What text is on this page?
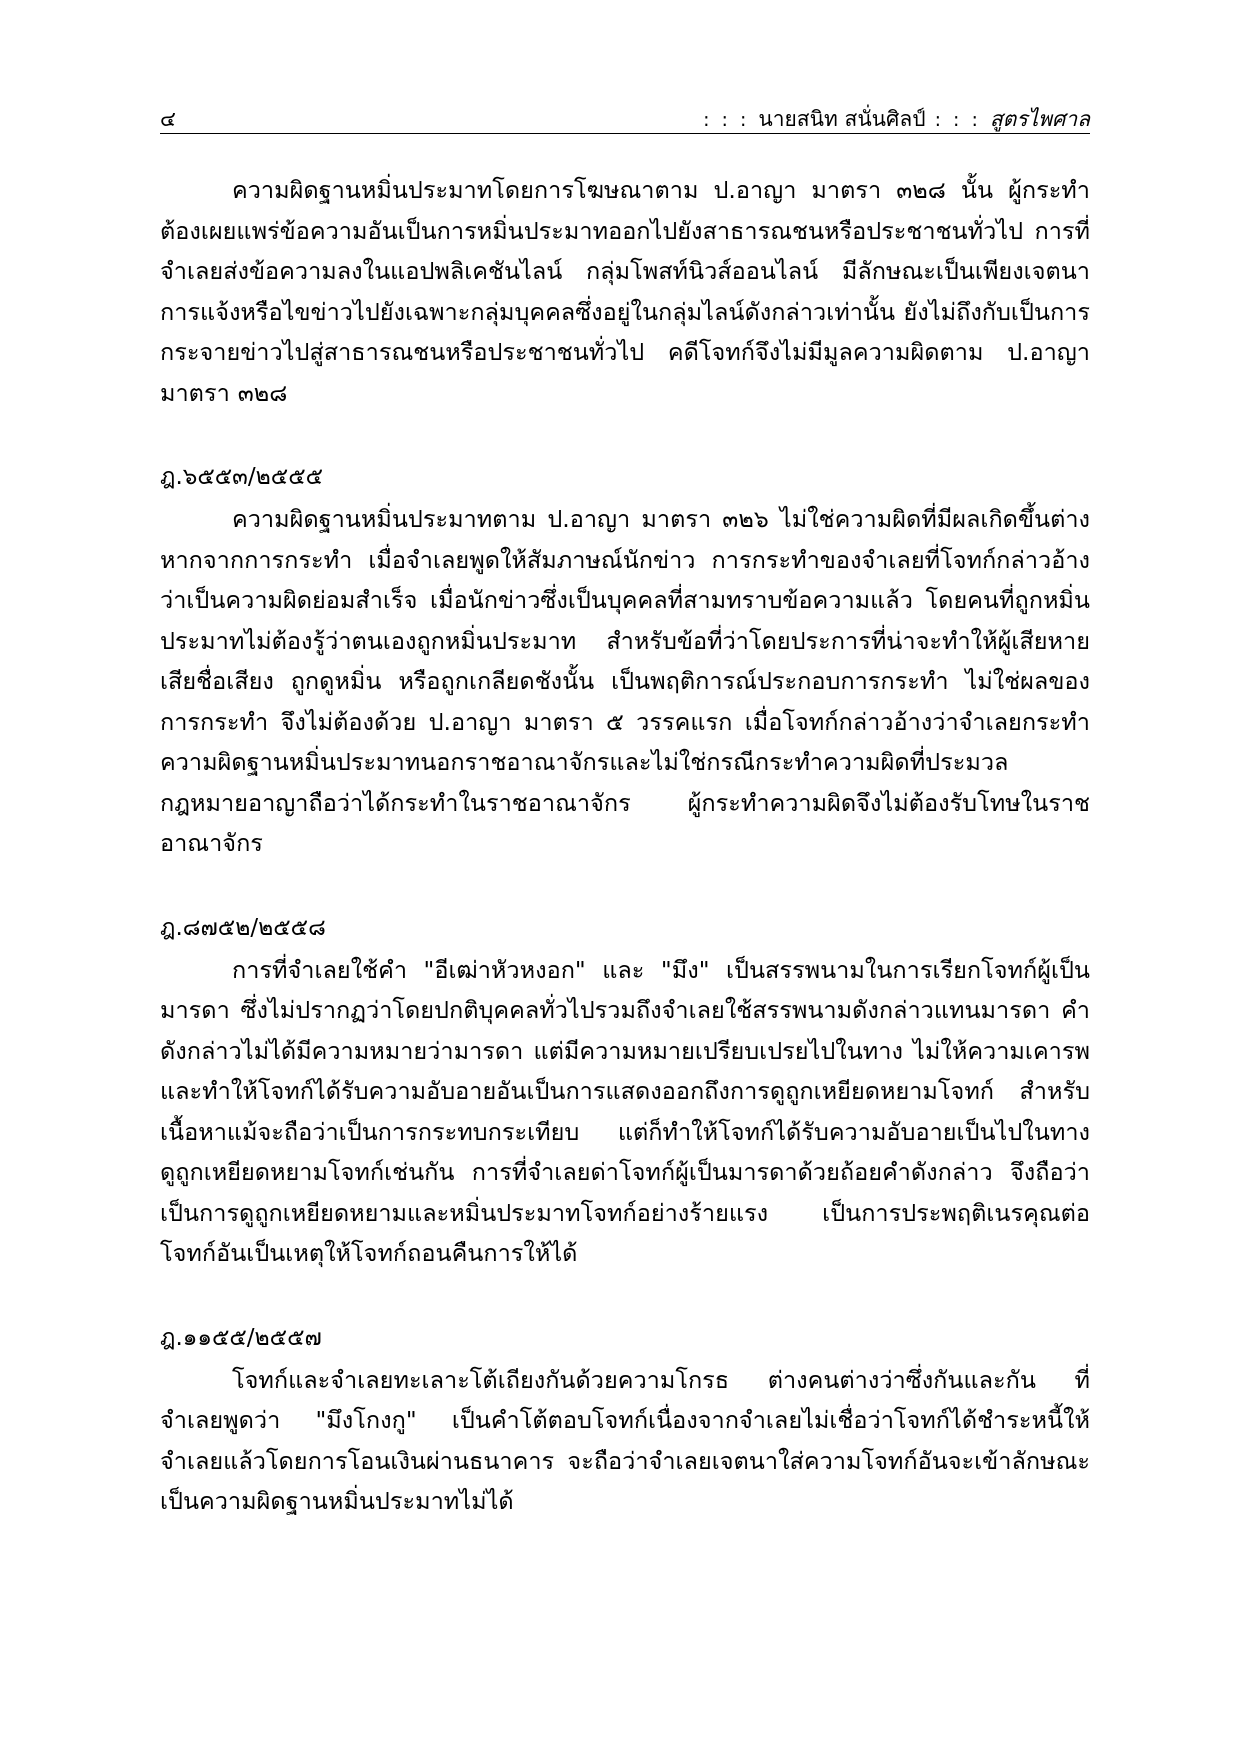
๔	: : : นายสนิท สนั่นศิลป์ : : : สูตรไพศาล

ความผิดฐานหมิ่นประมาทโดยการโฆษณาตาม ป.อาญา มาตรา ๓๒๘ นั้น ผู้กระทำต้องเผยแพร่ข้อความอันเป็นการหมิ่นประมาทออกไปยังสาธารณชนหรือประชาชนทั่วไป การที่จำเลยส่งข้อความลงในแอปพลิเคชันไลน์ กลุ่มโพสท์นิวส์ออนไลน์ มีลักษณะเป็นเพียงเจตนาการแจ้งหรือไขข่าวไปยังเฉพาะกลุ่มบุคคลซึ่งอยู่ในกลุ่มไลน์ดังกล่าวเท่านั้น ยังไม่ถึงกับเป็นการกระจายข่าวไปสู่สาธารณชนหรือประชาชนทั่วไป คดีโจทก์จึงไม่มีมูลความผิดตาม ป.อาญา มาตรา ๓๒๘

ฎ.๖๕๕๓/๒๕๕๕

ความผิดฐานหมิ่นประมาทตาม ป.อาญา มาตรา ๓๒๖ ไม่ใช่ความผิดที่มีผลเกิดขึ้นต่างหากจากการกระทำ เมื่อจำเลยพูดให้สัมภาษณ์นักข่าว การกระทำของจำเลยที่โจทก์กล่าวอ้างว่าเป็นความผิดย่อมสำเร็จ เมื่อนักข่าวซึ่งเป็นบุคคลที่สามทราบข้อความแล้ว โดยคนที่ถูกหมิ่นประมาทไม่ต้องรู้ว่าตนเองถูกหมิ่นประมาท สำหรับข้อที่ว่าโดยประการที่น่าจะทำให้ผู้เสียหายเสียชื่อเสียง ถูกดูหมิ่น หรือถูกเกลียดชังนั้น เป็นพฤติการณ์ประกอบการกระทำ ไม่ใช่ผลของการกระทำ จึงไม่ต้องด้วย ป.อาญา มาตรา ๕ วรรคแรก เมื่อโจทก์กล่าวอ้างว่าจำเลยกระทำความผิดฐานหมิ่นประมาทนอกราชอาณาจักรและไม่ใช่กรณีกระทำความผิดที่ประมวลกฎหมายอาญาถือว่าได้กระทำในราชอาณาจักร ผู้กระทำความผิดจึงไม่ต้องรับโทษในราชอาณาจักร

ฎ.๘๗๕๒/๒๕๕๘

การที่จำเลยใช้คำ "อีเฒ่าหัวหงอก" และ "มึง" เป็นสรรพนามในการเรียกโจทก์ผู้เป็นมารดา ซึ่งไม่ปรากฏว่าโดยปกติบุคคลทั่วไปรวมถึงจำเลยใช้สรรพนามดังกล่าวแทนมารดา คำดังกล่าวไม่ได้มีความหมายว่ามารดา แต่มีความหมายเปรียบเปรยไปในทาง ไม่ให้ความเคารพและทำให้โจทก์ได้รับความอับอายอันเป็นการแสดงออกถึงการดูถูกเหยียดหยามโจทก์ สำหรับเนื้อหาแม้จะถือว่าเป็นการกระทบกระเทียบ แต่ก็ทำให้โจทก์ได้รับความอับอายเป็นไปในทางดูถูกเหยียดหยามโจทก์เช่นกัน การที่จำเลยด่าโจทก์ผู้เป็นมารดาด้วยถ้อยคำดังกล่าว จึงถือว่าเป็นการดูถูกเหยียดหยามและหมิ่นประมาทโจทก์อย่างร้ายแรง เป็นการประพฤติเนรคุณต่อโจทก์อันเป็นเหตุให้โจทก์ถอนคืนการให้ได้

ฎ.๑๑๕๕/๒๕๕๗

โจทก์และจำเลยทะเลาะโต้เถียงกันด้วยความโกรธ ต่างคนต่างว่าซึ่งกันและกัน ที่จำเลยพูดว่า "มึงโกงกู" เป็นคำโต้ตอบโจทก์เนื่องจากจำเลยไม่เชื่อว่าโจทก์ได้ชำระหนี้ให้จำเลยแล้วโดยการโอนเงินผ่านธนาคาร จะถือว่าจำเลยเจตนาใส่ความโจทก์อันจะเข้าลักษณะเป็นความผิดฐานหมิ่นประมาทไม่ได้
